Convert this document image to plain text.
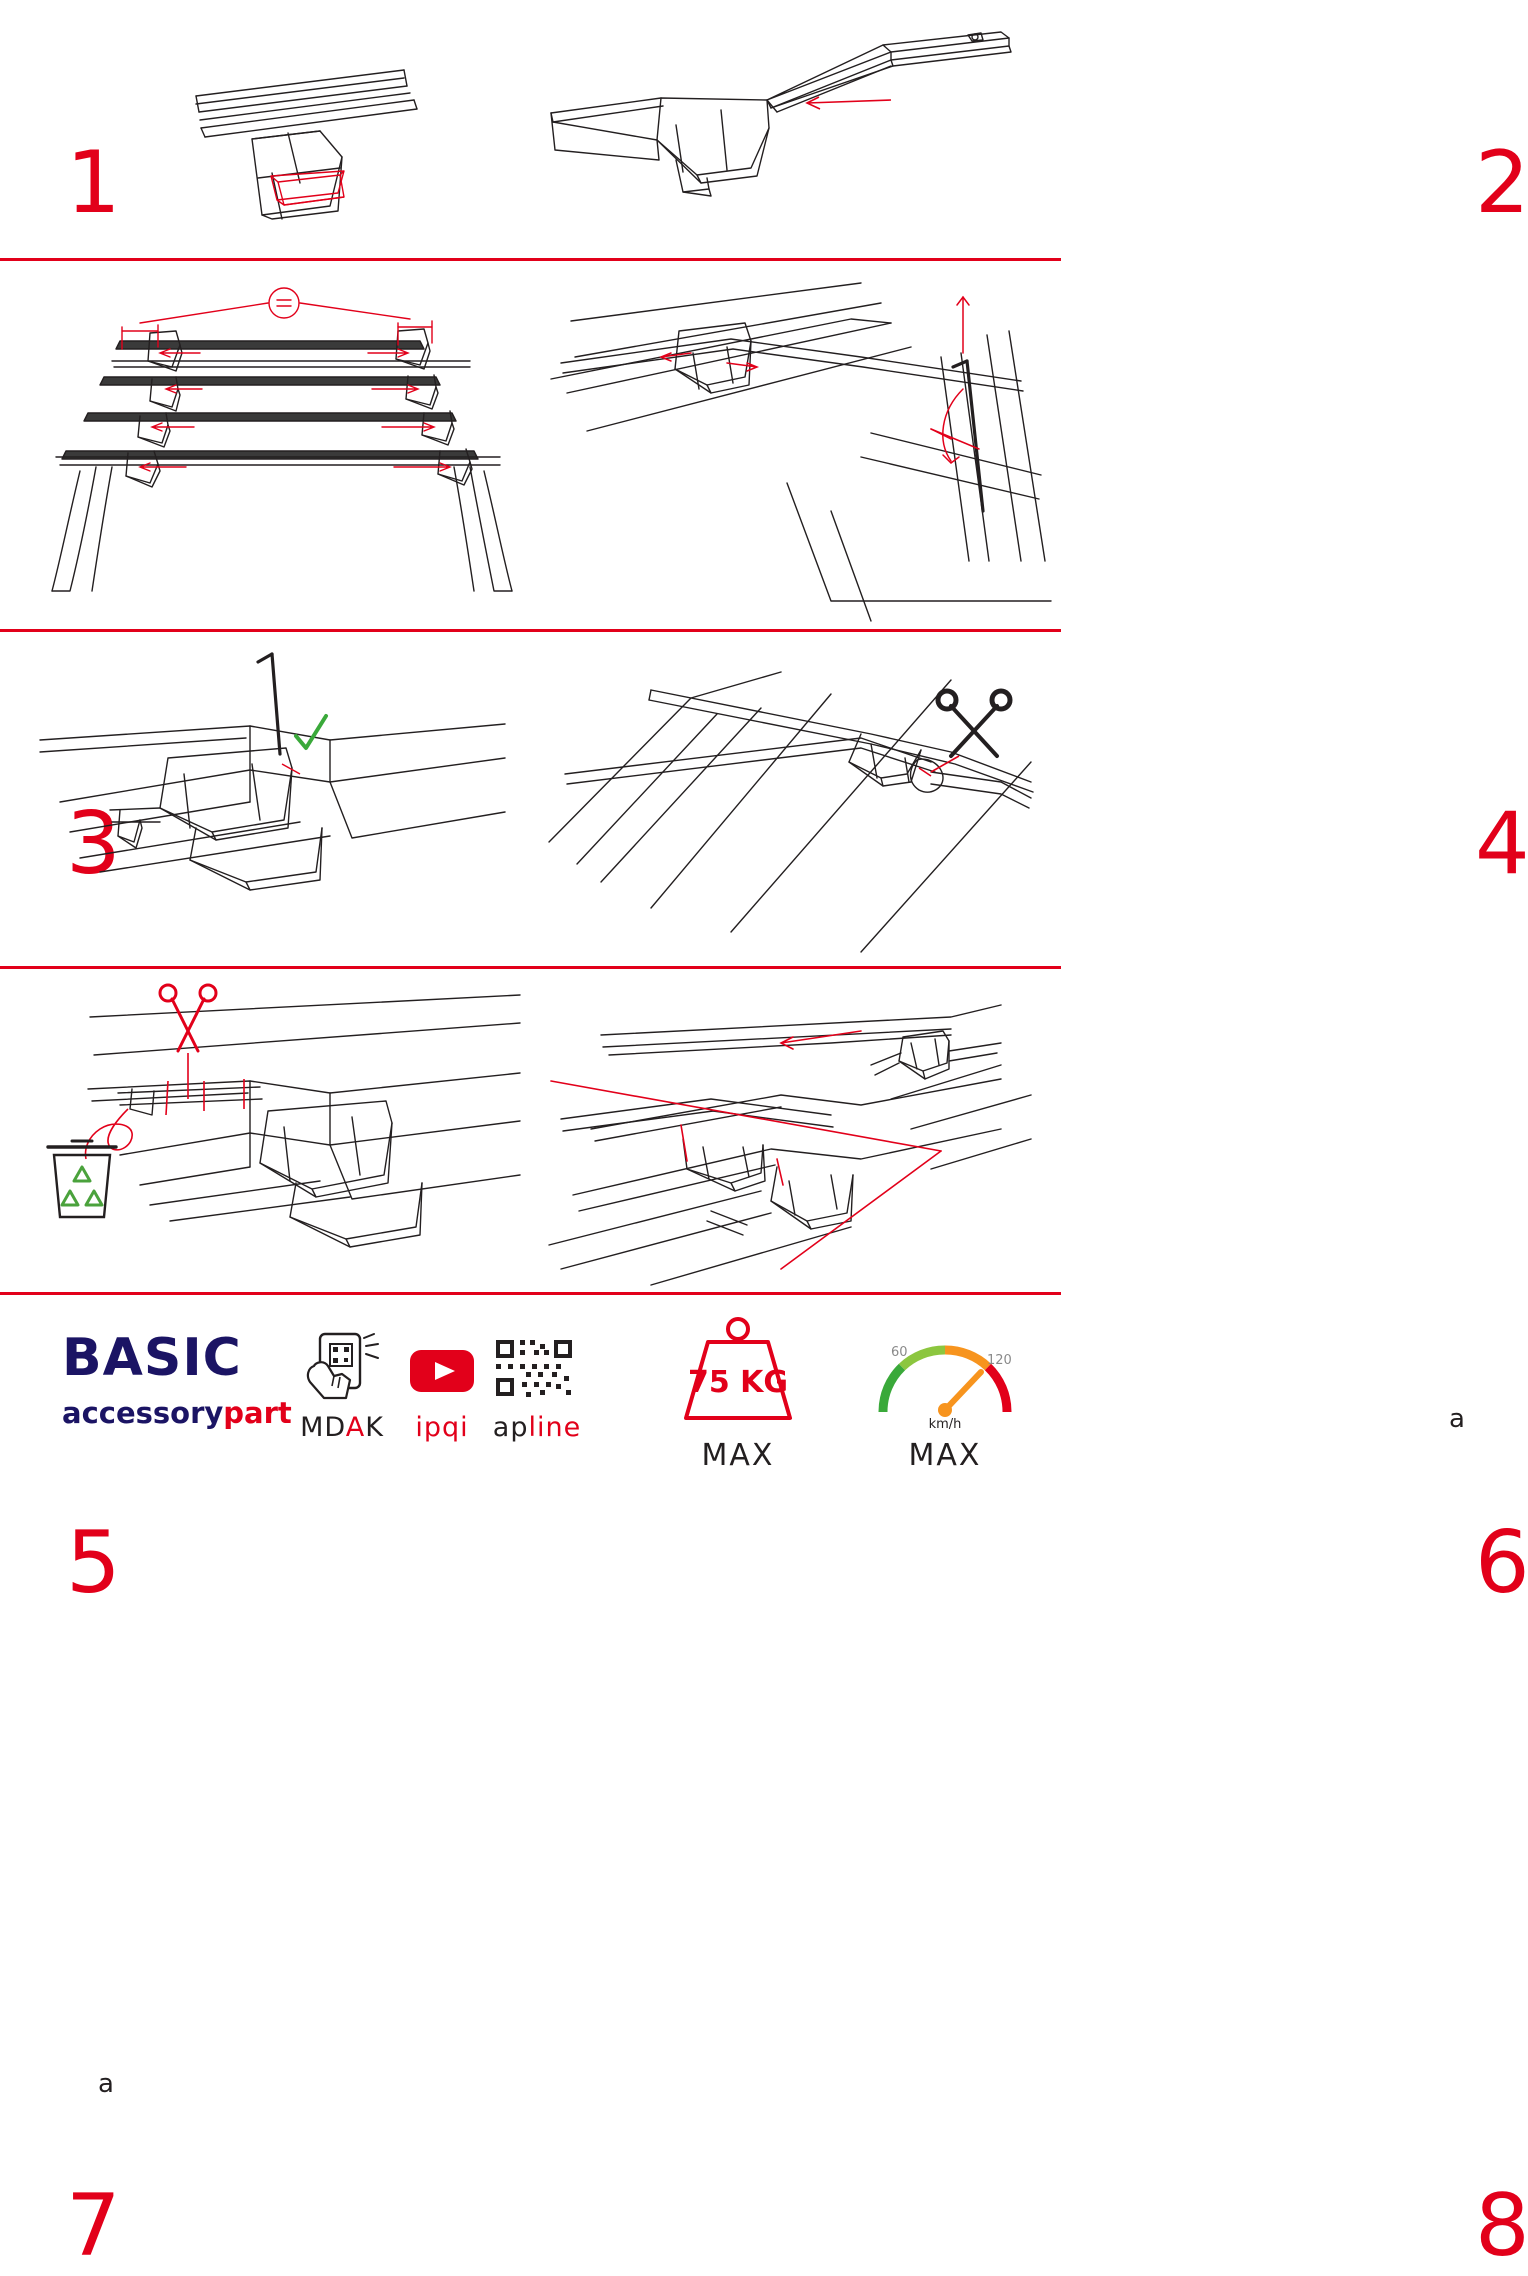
1	2
3	4
5
a
6
a
7	8
BASIC
accessorypart MDAK	ipqi apline
75 KG
MAX
60
120
km/h
MAX
